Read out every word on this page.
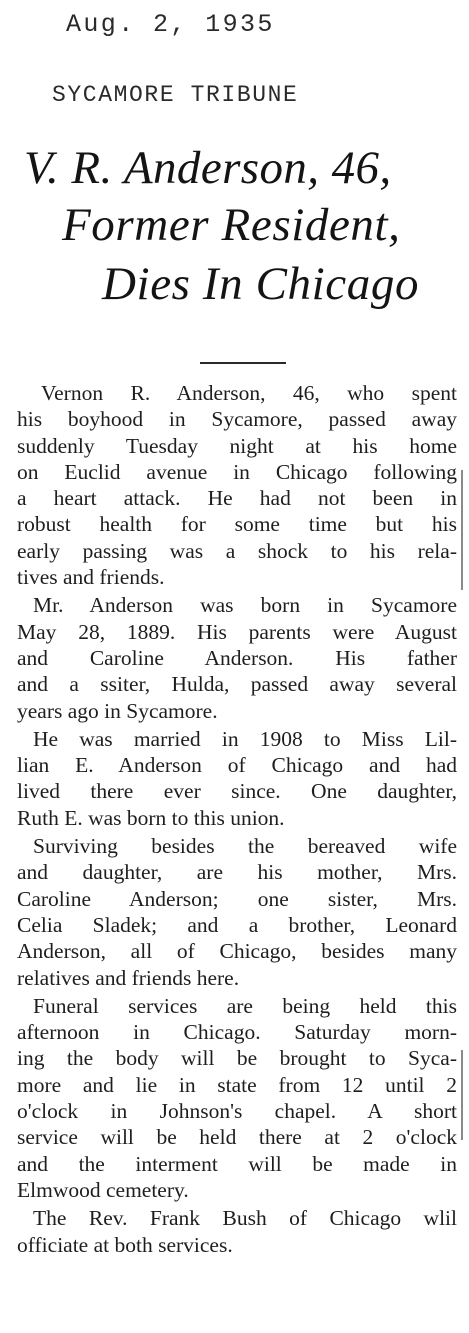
Aug. 2, 1935
SYCAMORE TRIBUNE
V. R. Anderson, 46,
Former Resident,
Dies In Chicago
Vernon R. Anderson, 46, who spent
his boyhood in Sycamore, passed away
suddenly Tuesday night at his home
on Euclid avenue in Chicago following
a heart attack. He had not been in
robust health for some time but his
early passing was a shock to his rela-
tives and friends.
Mr. Anderson was born in Sycamore
May 28, 1889. His parents were August
and Caroline Anderson. His father
and a ssiter, Hulda, passed away several
years ago in Sycamore.
He was married in 1908 to Miss Lil-
lian E. Anderson of Chicago and had
lived there ever since. One daughter,
Ruth E. was born to this union.
Surviving besides the bereaved wife
and daughter, are his mother, Mrs.
Caroline Anderson; one sister, Mrs.
Celia Sladek; and a brother, Leonard
Anderson, all of Chicago, besides many
relatives and friends here.
Funeral services are being held this
afternoon in Chicago. Saturday morn-
ing the body will be brought to Syca-
more and lie in state from 12 until 2
o'clock in Johnson's chapel. A short
service will be held there at 2 o'clock
and the interment will be made in
Elmwood cemetery.
The Rev. Frank Bush of Chicago wlil
officiate at both services.
